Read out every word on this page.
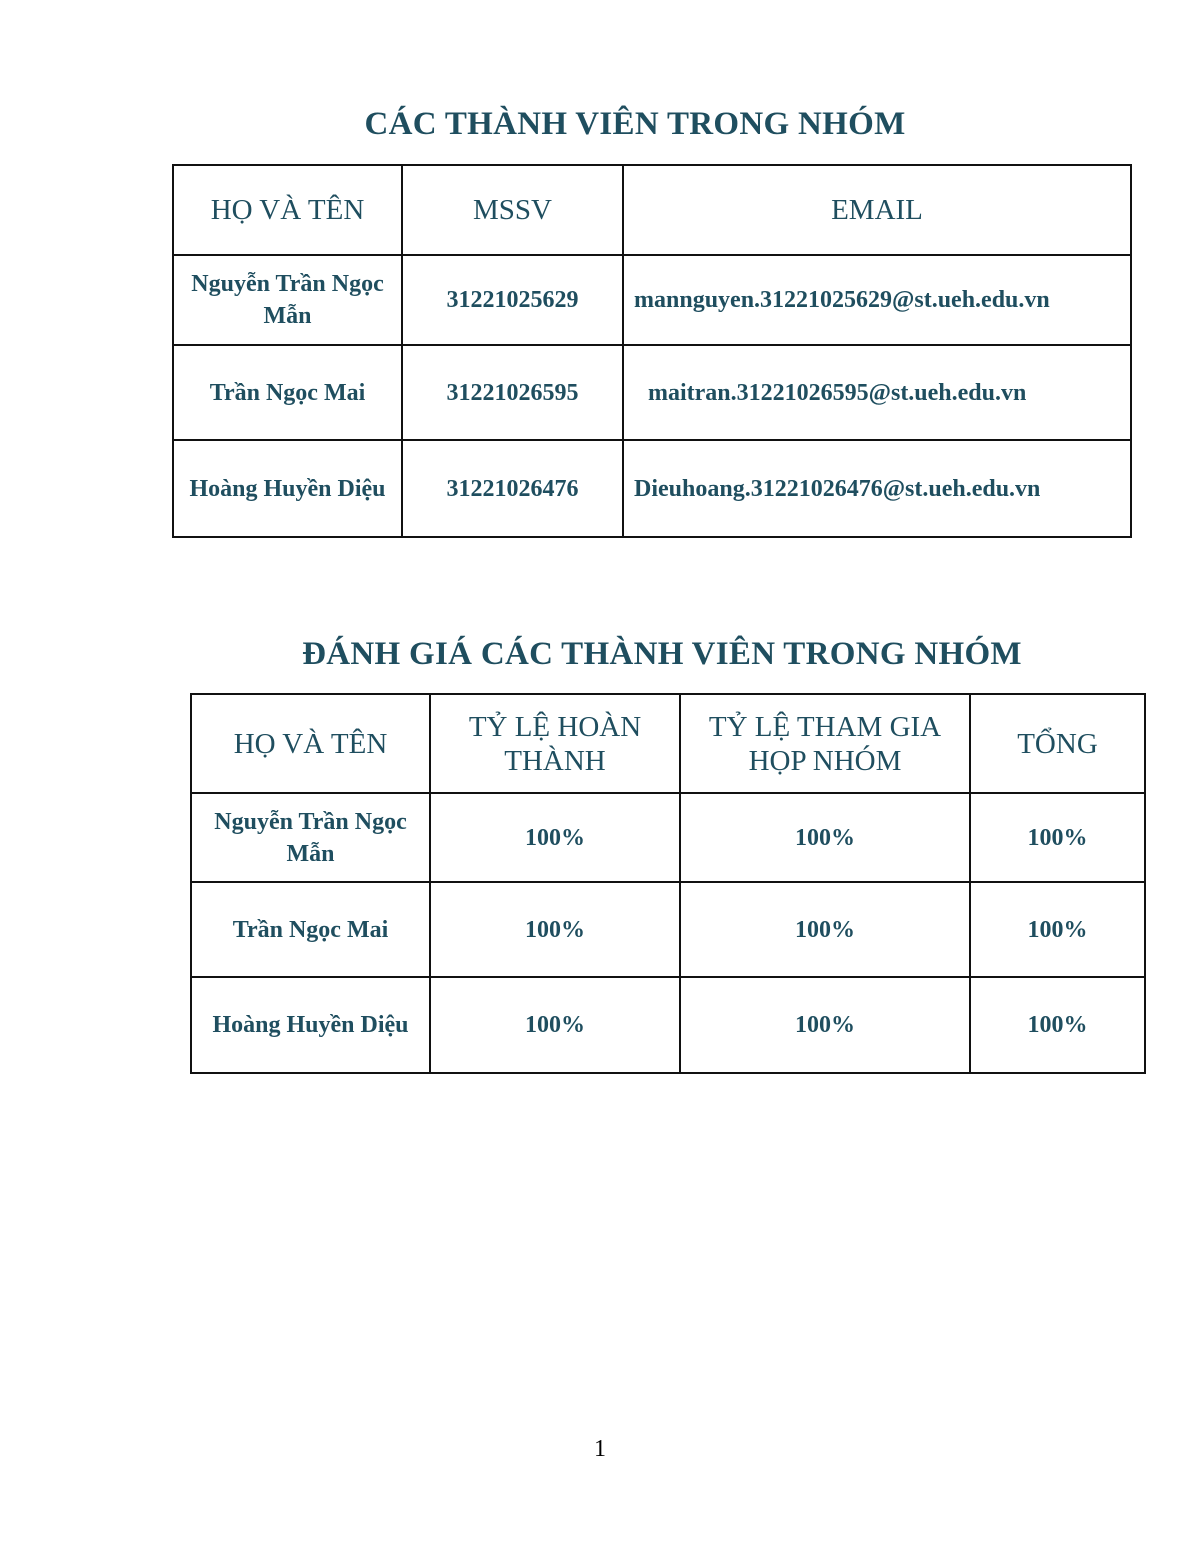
CÁC THÀNH VIÊN TRONG NHÓM
HỌ VÀ TÊN	MSSV	EMAIL
Nguyễn Trần Ngọc Mẫn	31221025629	mannguyen.31221025629@st.ueh.edu.vn
Trần Ngọc Mai	31221026595	maitran.31221026595@st.ueh.edu.vn
Hoàng Huyền Diệu	31221026476	Dieuhoang.31221026476@st.ueh.edu.vn
ĐÁNH GIÁ CÁC THÀNH VIÊN TRONG NHÓM
HỌ VÀ TÊN	TỶ LỆ HOÀN THÀNH	TỶ LỆ THAM GIA HỌP NHÓM	TỔNG
Nguyễn Trần Ngọc Mẫn	100%	100%	100%
Trần Ngọc Mai	100%	100%	100%
Hoàng Huyền Diệu	100%	100%	100%
1
